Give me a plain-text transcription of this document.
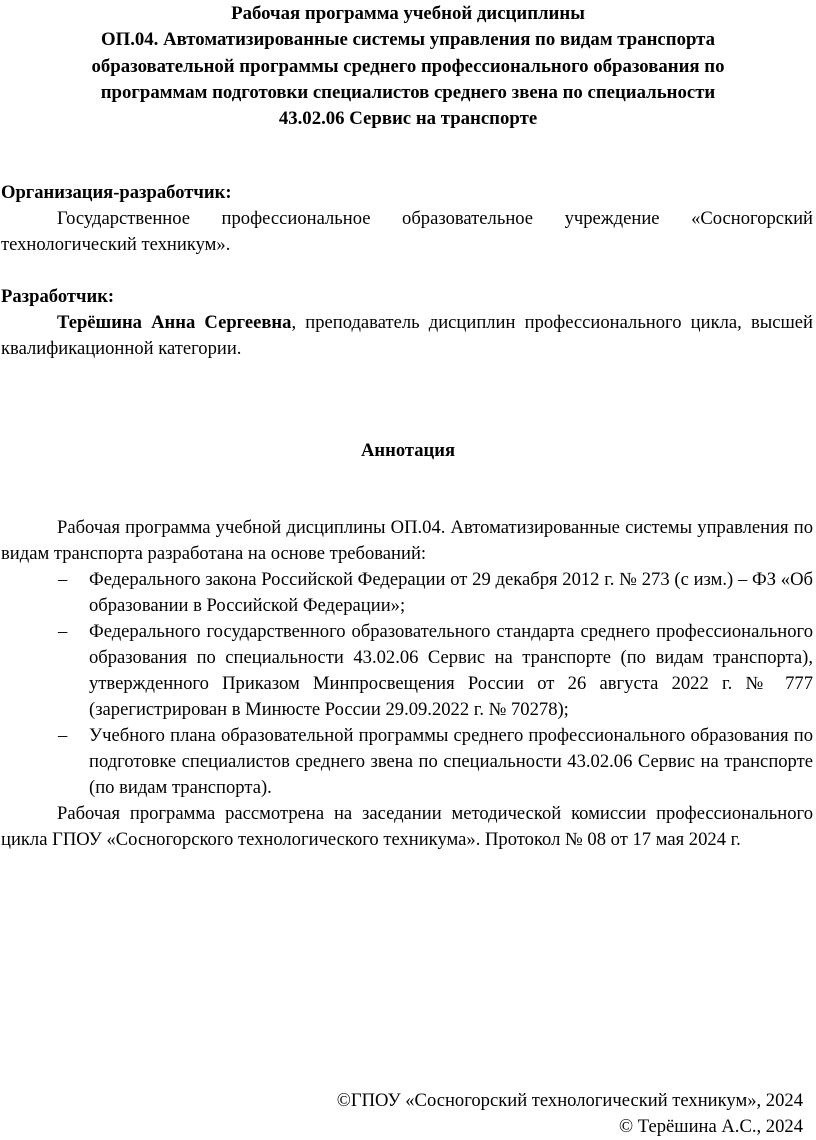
Рабочая программа учебной дисциплины
ОП.04. Автоматизированные системы управления по видам транспорта
образовательной программы среднего профессионального образования по
программам подготовки специалистов среднего звена по специальности
43.02.06 Сервис на транспорте
Организация-разработчик:
Государственное профессиональное образовательное учреждение «Сосногорский технологический техникум».
Разработчик:
Терёшина Анна Сергеевна, преподаватель дисциплин профессионального цикла, высшей квалификационной категории.
Аннотация
Рабочая программа учебной дисциплины ОП.04. Автоматизированные системы управления по видам транспорта разработана на основе требований:
– Федерального закона Российской Федерации от 29 декабря 2012 г. № 273 (с изм.) – ФЗ «Об образовании в Российской Федерации»;
– Федерального государственного образовательного стандарта среднего профессионального образования по специальности 43.02.06 Сервис на транспорте (по видам транспорта), утвержденного Приказом Минпросвещения России от 26 августа 2022 г. № 777 (зарегистрирован в Минюсте России 29.09.2022 г. № 70278);
– Учебного плана образовательной программы среднего профессионального образования по подготовке специалистов среднего звена по специальности 43.02.06 Сервис на транспорте (по видам транспорта).
Рабочая программа рассмотрена на заседании методической комиссии профессионального цикла ГПОУ «Сосногорского технологического техникума». Протокол № 08 от 17 мая 2024 г.
©ГПОУ «Сосногорский технологический техникум», 2024
© Терёшина А.С., 2024
